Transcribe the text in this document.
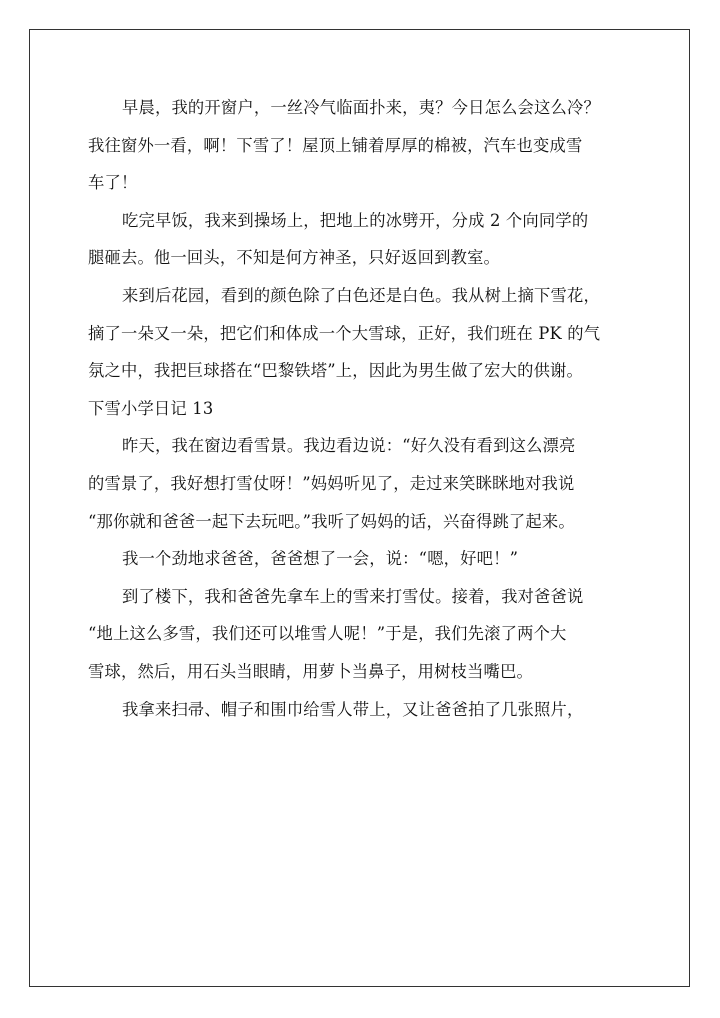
早晨，我的开窗户，一丝冷气临面扑来，夷？今日怎么会这么冷？

我往窗外一看，啊！下雪了！屋顶上铺着厚厚的棉被，汽车也变成雪

车了！

吃完早饭，我来到操场上，把地上的冰劈开，分成 2 个向同学的

腿砸去。他一回头，不知是何方神圣，只好返回到教室。

来到后花园，看到的颜色除了白色还是白色。我从树上摘下雪花，

摘了一朵又一朵，把它们和体成一个大雪球，正好，我们班在 PK 的气

氛之中，我把巨球搭在“巴黎铁塔”上，因此为男生做了宏大的供谢。

下雪小学日记 13

昨天，我在窗边看雪景。我边看边说：“好久没有看到这么漂亮

的雪景了，我好想打雪仗呀！”妈妈听见了，走过来笑眯眯地对我说

“那你就和爸爸一起下去玩吧。”我听了妈妈的话，兴奋得跳了起来。

我一个劲地求爸爸，爸爸想了一会，说：“嗯，好吧！”

到了楼下，我和爸爸先拿车上的雪来打雪仗。接着，我对爸爸说

“地上这么多雪，我们还可以堆雪人呢！”于是，我们先滚了两个大

雪球，然后，用石头当眼睛，用萝卜当鼻子，用树枝当嘴巴。

我拿来扫帚、帽子和围巾给雪人带上，又让爸爸拍了几张照片，
